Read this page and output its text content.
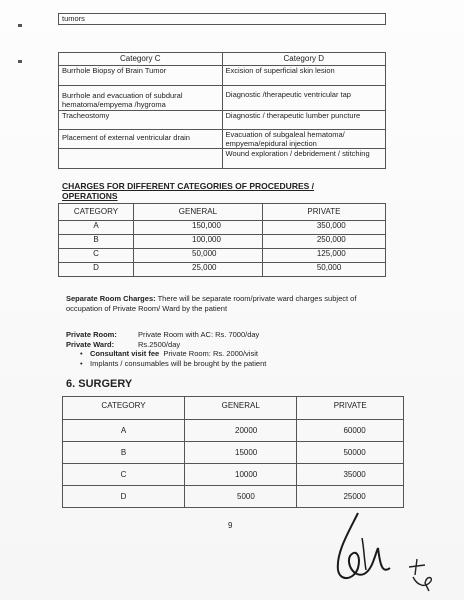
tumors
Category C	Category D
Burrhole Biopsy of Brain Tumor	Excision of superficial skin lesion
Burrhole and evacuation of subdural hematoma/empyema /hygroma	Diagnostic /therapeutic ventricular tap
Tracheostomy	Diagnostic / therapeutic lumber puncture
Placement of external ventricular drain	Evacuation of subgaleal hematoma/ empyema/epidural injection
	Wound exploration / debridement / stitching
CHARGES FOR DIFFERENT CATEGORIES OF PROCEDURES /
OPERATIONS
CATEGORY	GENERAL	PRIVATE
A	150,000	350,000
B	100,000	250,000
C	50,000	125,000
D	25,000	50,000
Separate Room Charges: There will be separate room/private ward charges subject of
occupation of Private Room/ Ward by the patient
Private Room:	Private Room with AC: Rs. 7000/day
Private Ward:	Rs.2500/day
• Consultant visit fee Private Room: Rs. 2000/visit
• Implants / consumables will be brought by the patient
6. SURGERY
CATEGORY	GENERAL	PRIVATE
A	20000	60000
B	15000	50000
C	10000	35000
D	5000	25000
9
